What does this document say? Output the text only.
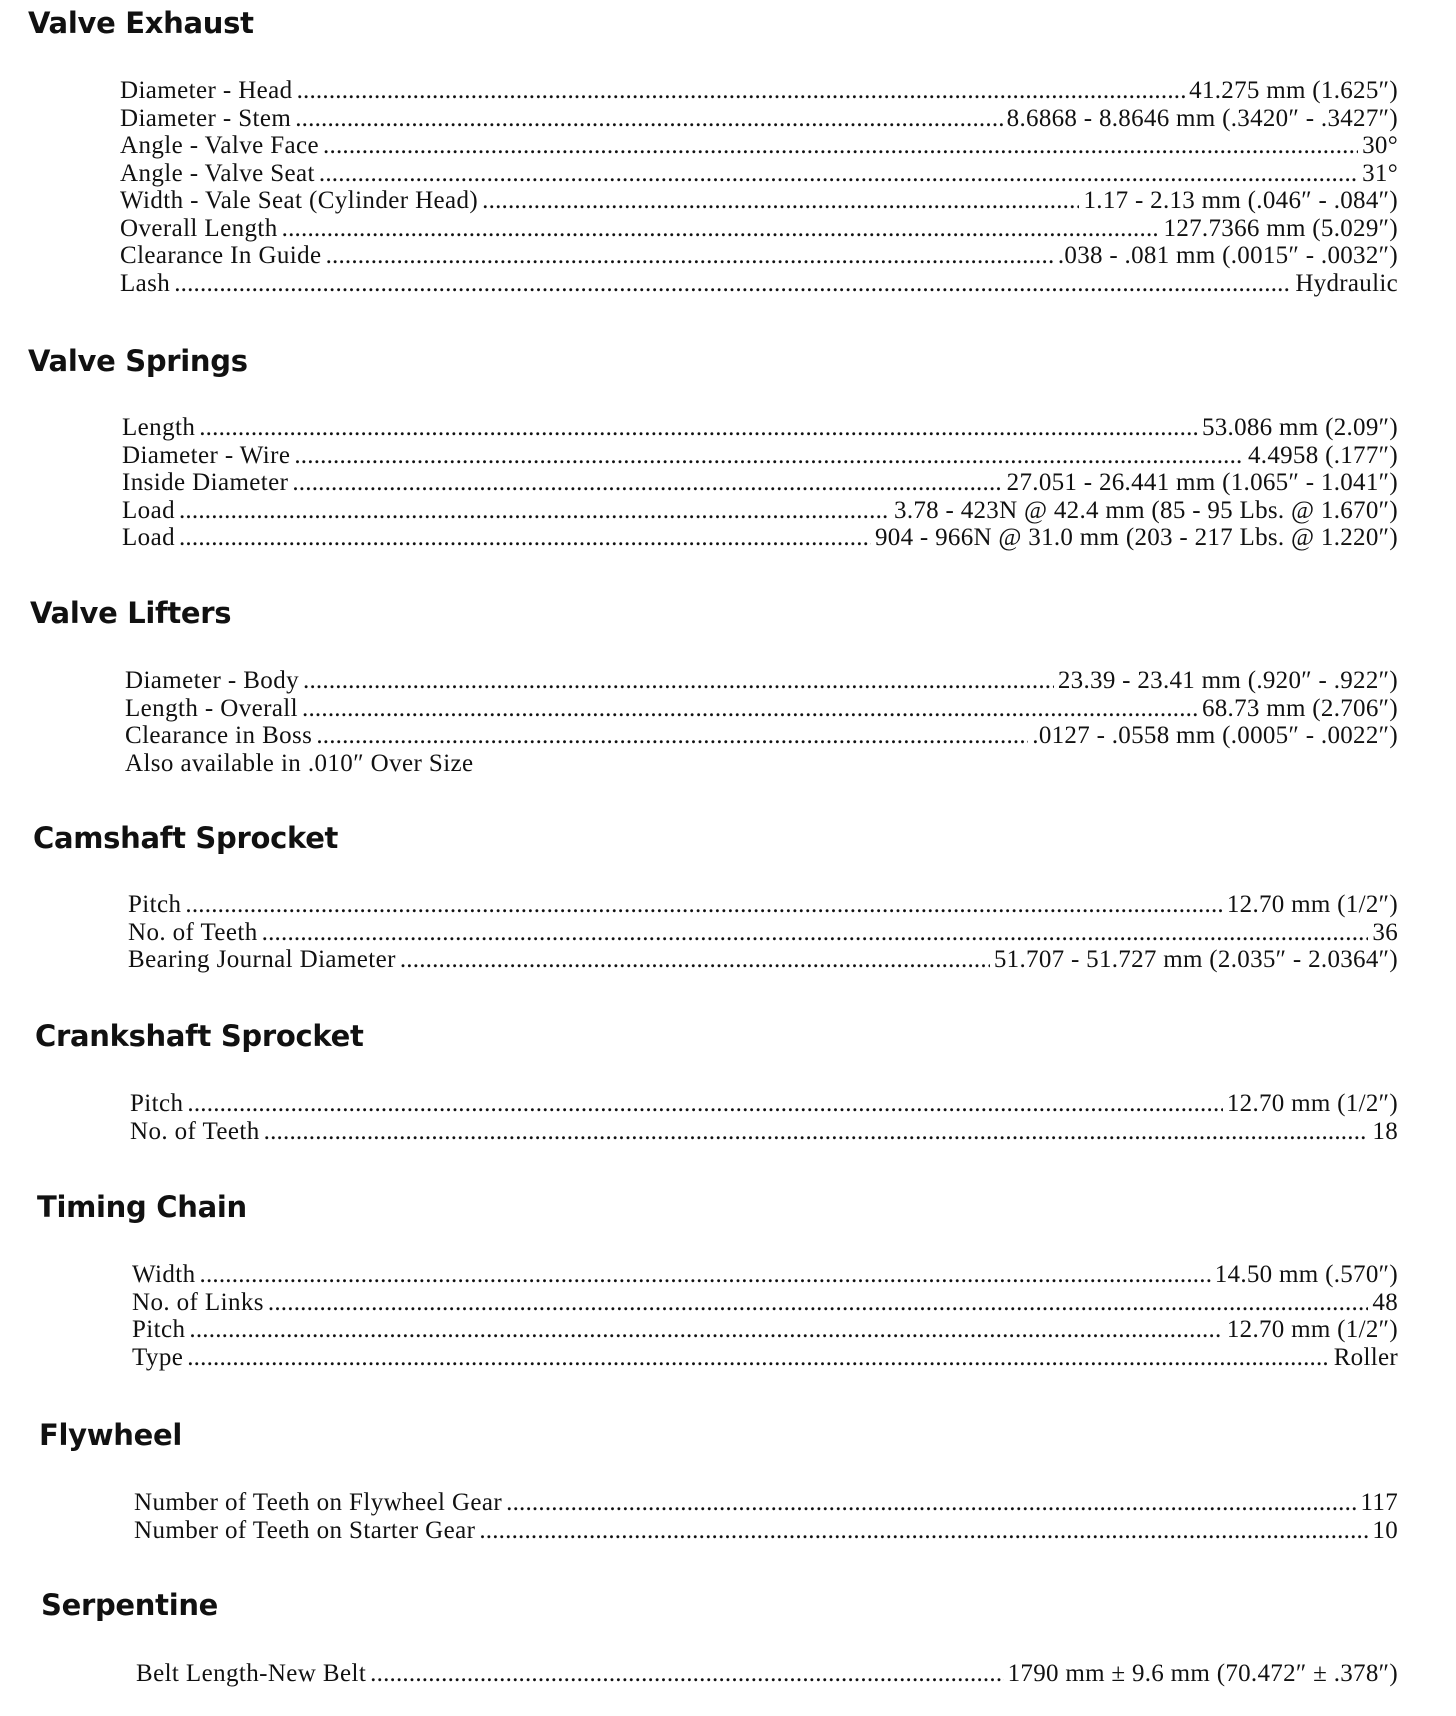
Valve Exhaust
Diameter - Head .....	41.275 mm (1.625″)
Diameter - Stem .....	8.6868 - 8.8646 mm (.3420″ - .3427″)
Angle - Valve Face .....	30°
Angle - Valve Seat .....	31°
Width - Vale Seat (Cylinder Head) .....	1.17 - 2.13 mm (.046″ - .084″)
Overall Length .....	127.7366 mm (5.029″)
Clearance In Guide .....	.038 - .081 mm (.0015″ - .0032″)
Lash .....	Hydraulic
Valve Springs
Length .....	53.086 mm (2.09″)
Diameter - Wire .....	4.4958 (.177″)
Inside Diameter .....	27.051 - 26.441 mm (1.065″ - 1.041″)
Load .....	3.78 - 423N @ 42.4 mm (85 - 95 Lbs. @ 1.670″)
Load .....	904 - 966N @ 31.0 mm (203 - 217 Lbs. @ 1.220″)
Valve Lifters
Diameter - Body .....	23.39 - 23.41 mm (.920″ - .922″)
Length - Overall .....	68.73 mm (2.706″)
Clearance in Boss .....	.0127 - .0558 mm (.0005″ - .0022″)
Also available in .010″ Over Size
Camshaft Sprocket
Pitch .....	12.70 mm (1/2″)
No. of Teeth .....	36
Bearing Journal Diameter .....	51.707 - 51.727 mm (2.035″ - 2.0364″)
Crankshaft Sprocket
Pitch .....	12.70 mm (1/2″)
No. of Teeth .....	18
Timing Chain
Width .....	14.50 mm (.570″)
No. of Links .....	48
Pitch .....	12.70 mm (1/2″)
Type .....	Roller
Flywheel
Number of Teeth on Flywheel Gear .....	117
Number of Teeth on Starter Gear .....	10
Serpentine
Belt Length-New Belt .....	1790 mm ± 9.6 mm (70.472″ ± .378″)
